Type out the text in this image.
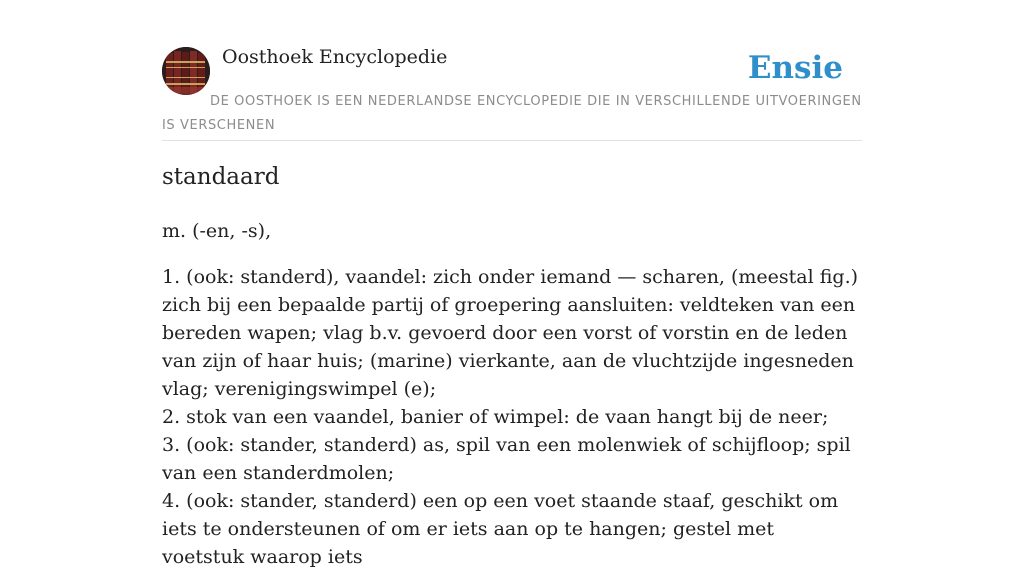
Oosthoek Encyclopedie	Ensie
DE OOSTHOEK IS EEN NEDERLANDSE ENCYCLOPEDIE DIE IN VERSCHILLENDE UITVOERINGEN IS VERSCHENEN
standaard
m. (-en, -s),
1. (ook: standerd), vaandel: zich onder iemand — scharen, (meestal fig.) zich bij een bepaalde partij of groepering aansluiten: veldteken van een bereden wapen; vlag b.v. gevoerd door een vorst of vorstin en de leden van zijn of haar huis; (marine) vierkante, aan de vluchtzijde ingesneden vlag; verenigingswimpel (e);
2. stok van een vaandel, banier of wimpel: de vaan hangt bij de neer;
3. (ook: stander, standerd) as, spil van een molenwiek of schijfloop; spil van een standerdmolen;
4. (ook: stander, standerd) een op een voet staande staaf, geschikt om iets te ondersteunen of om er iets aan op te hangen; gestel met voetstuk waarop iets
